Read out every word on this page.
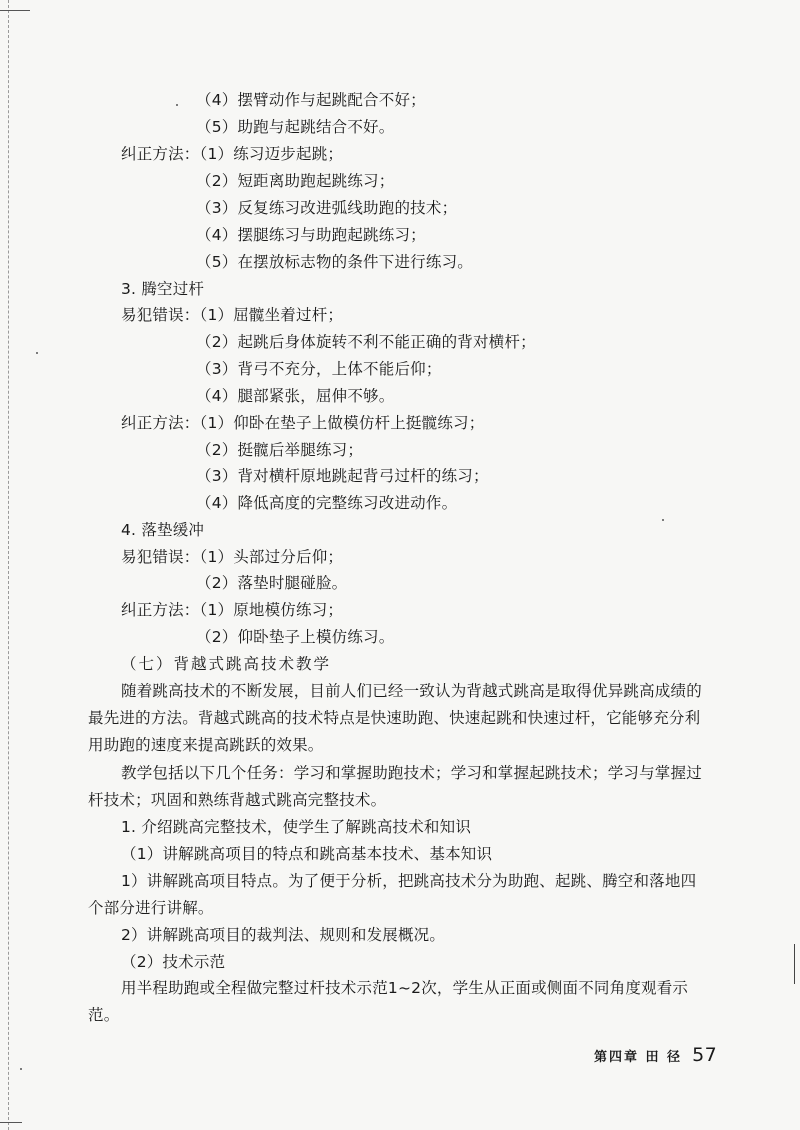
（4）摆臂动作与起跳配合不好；
（5）助跑与起跳结合不好。
纠正方法：（1）练习迈步起跳；
（2）短距离助跑起跳练习；
（3）反复练习改进弧线助跑的技术；
（4）摆腿练习与助跑起跳练习；
（5）在摆放标志物的条件下进行练习。
3. 腾空过杆
易犯错误：（1）屈髋坐着过杆；
（2）起跳后身体旋转不利不能正确的背对横杆；
（3）背弓不充分，上体不能后仰；
（4）腿部紧张，屈伸不够。
纠正方法：（1）仰卧在垫子上做模仿杆上挺髋练习；
（2）挺髋后举腿练习；
（3）背对横杆原地跳起背弓过杆的练习；
（4）降低高度的完整练习改进动作。
4. 落垫缓冲
易犯错误：（1）头部过分后仰；
（2）落垫时腿碰脸。
纠正方法：（1）原地模仿练习；
（2）仰卧垫子上模仿练习。
（七）背越式跳高技术教学
随着跳高技术的不断发展，目前人们已经一致认为背越式跳高是取得优异跳高成绩的
最先进的方法。背越式跳高的技术特点是快速助跑、快速起跳和快速过杆，它能够充分利
用助跑的速度来提高跳跃的效果。
教学包括以下几个任务：学习和掌握助跑技术；学习和掌握起跳技术；学习与掌握过
杆技术；巩固和熟练背越式跳高完整技术。
1. 介绍跳高完整技术，使学生了解跳高技术和知识
（1）讲解跳高项目的特点和跳高基本技术、基本知识
1）讲解跳高项目特点。为了便于分析，把跳高技术分为助跑、起跳、腾空和落地四
个部分进行讲解。
2）讲解跳高项目的裁判法、规则和发展概况。
（2）技术示范
用半程助跑或全程做完整过杆技术示范1~2次，学生从正面或侧面不同角度观看示
范。
第四章 田 径 57
